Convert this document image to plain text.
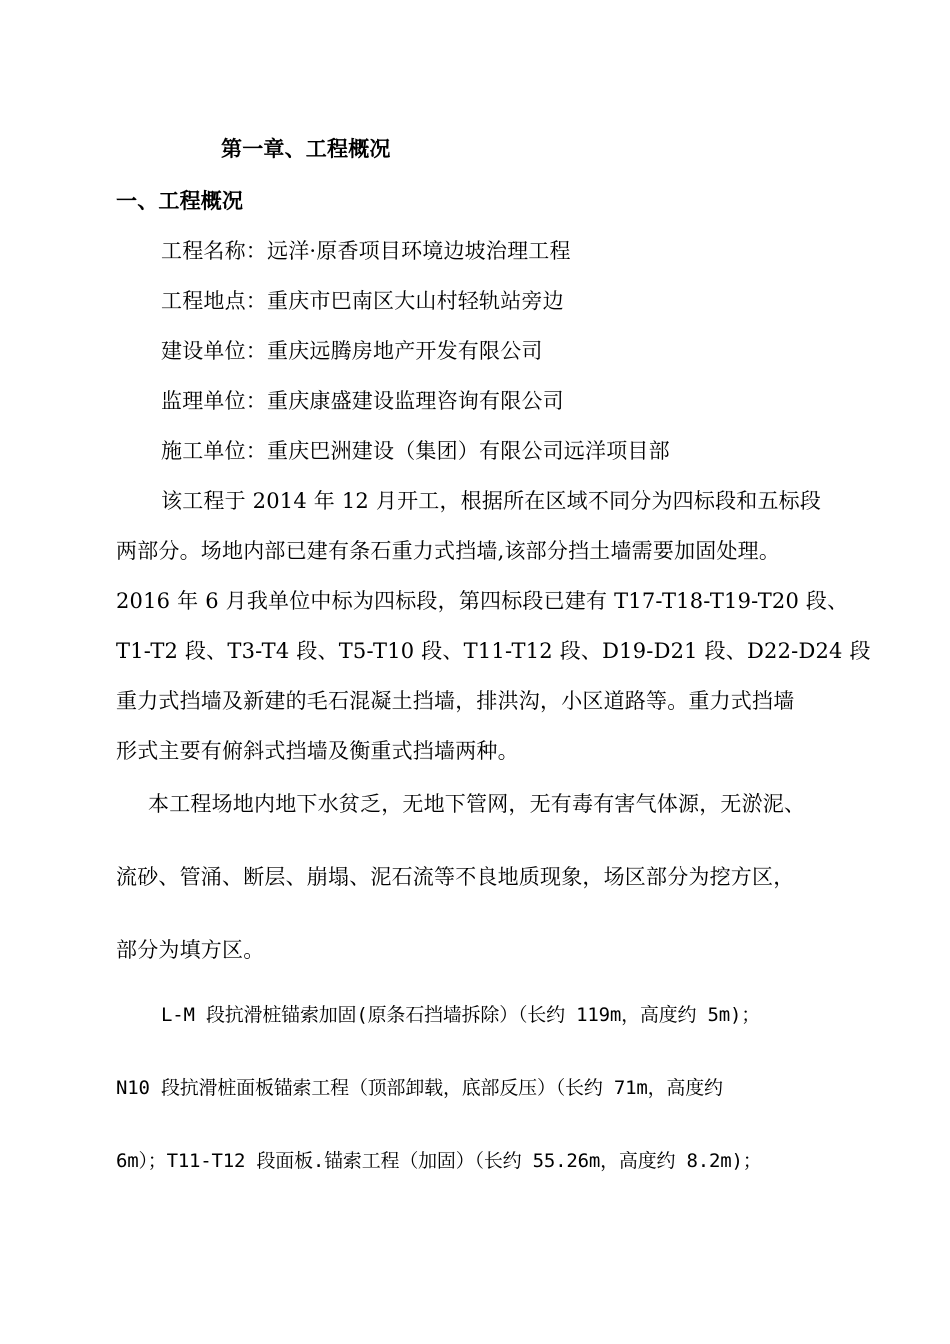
第一章、工程概况
一、工程概况
工程名称：远洋·原香项目环境边坡治理工程
工程地点：重庆市巴南区大山村轻轨站旁边
建设单位：重庆远腾房地产开发有限公司
监理单位：重庆康盛建设监理咨询有限公司
施工单位：重庆巴洲建设（集团）有限公司远洋项目部
该工程于 2014 年 12 月开工，根据所在区域不同分为四标段和五标段
两部分。场地内部已建有条石重力式挡墙,该部分挡土墙需要加固处理。
2016 年 6 月我单位中标为四标段，第四标段已建有 T17-T18-T19-T20 段、
T1-T2 段、T3-T4 段、T5-T10 段、T11-T12 段、D19-D21 段、D22-D24 段
重力式挡墙及新建的毛石混凝土挡墙，排洪沟，小区道路等。重力式挡墙
形式主要有俯斜式挡墙及衡重式挡墙两种。
本工程场地内地下水贫乏，无地下管网，无有毒有害气体源，无淤泥、
流砂、管涌、断层、崩塌、泥石流等不良地质现象，场区部分为挖方区，
部分为填方区。
L-M 段抗滑桩锚索加固(原条石挡墙拆除）（长约 119m，高度约 5m)；
N10 段抗滑桩面板锚索工程（顶部卸载，底部反压）（长约 71m，高度约
6m）；T11-T12 段面板.锚索工程（加固）（长约 55.26m，高度约 8.2m)；
